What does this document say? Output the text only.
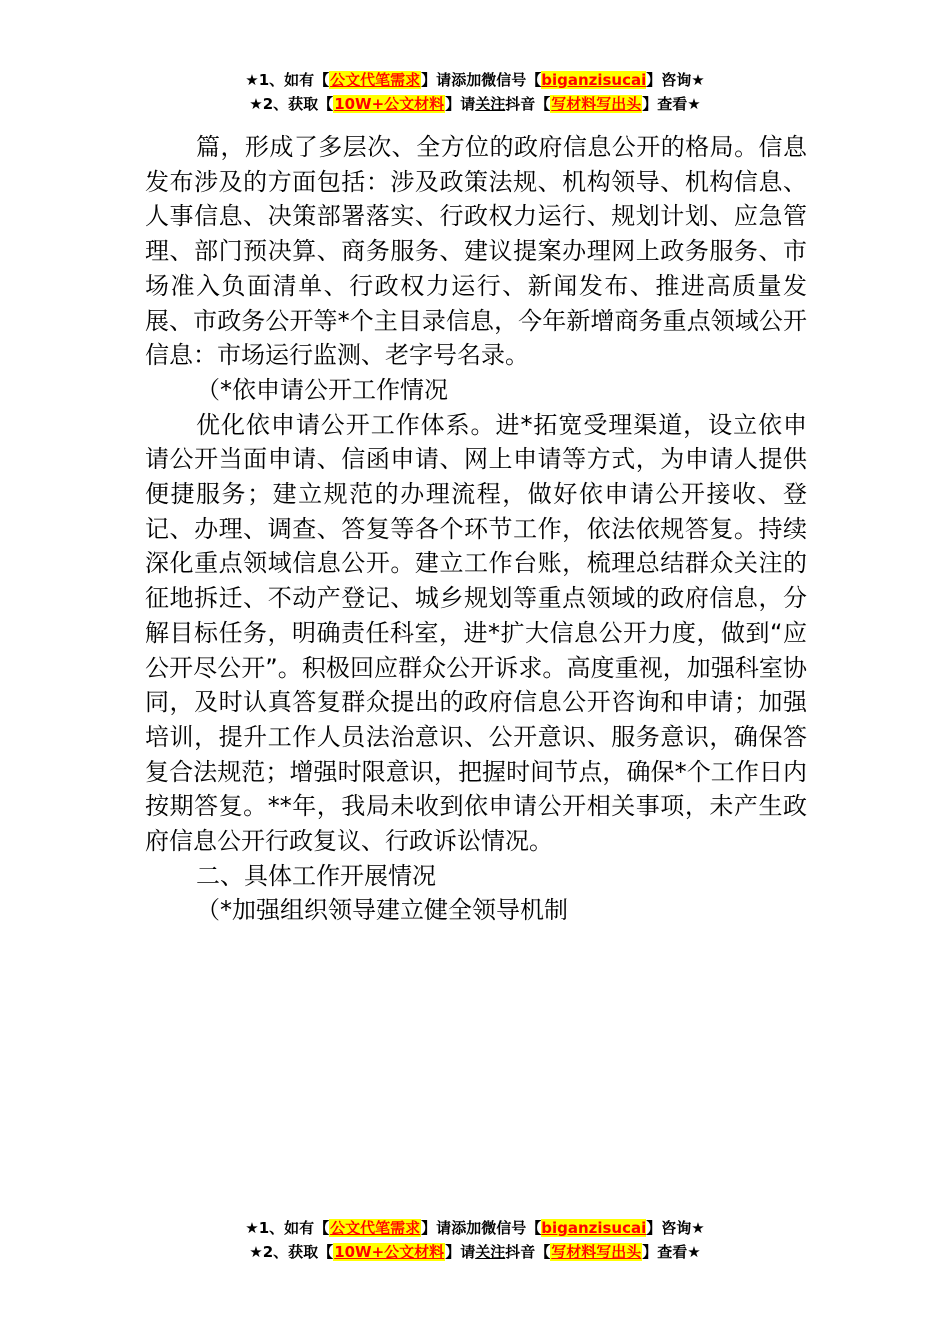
★1、如有【公文代笔需求】请添加微信号【biganzisucai】咨询★
★2、获取【10W+公文材料】请关注抖音【写材料写出头】查看★

篇，形成了多层次、全方位的政府信息公开的格局。信息发布涉及的方面包括：涉及政策法规、机构领导、机构信息、人事信息、决策部署落实、行政权力运行、规划计划、应急管理、部门预决算、商务服务、建议提案办理网上政务服务、市场准入负面清单、行政权力运行、新闻发布、推进高质量发展、市政务公开等*个主目录信息，今年新增商务重点领域公开信息：市场运行监测、老字号名录。

（*依申请公开工作情况

优化依申请公开工作体系。进*拓宽受理渠道，设立依申请公开当面申请、信函申请、网上申请等方式，为申请人提供便捷服务；建立规范的办理流程，做好依申请公开接收、登记、办理、调查、答复等各个环节工作，依法依规答复。持续深化重点领域信息公开。建立工作台账，梳理总结群众关注的征地拆迁、不动产登记、城乡规划等重点领域的政府信息，分解目标任务，明确责任科室，进*扩大信息公开力度，做到“应公开尽公开”。积极回应群众公开诉求。高度重视，加强科室协同，及时认真答复群众提出的政府信息公开咨询和申请；加强培训，提升工作人员法治意识、公开意识、服务意识，确保答复合法规范；增强时限意识，把握时间节点，确保*个工作日内按期答复。**年，我局未收到依申请公开相关事项，未产生政府信息公开行政复议、行政诉讼情况。

二、具体工作开展情况

（*加强组织领导建立健全领导机制

★1、如有【公文代笔需求】请添加微信号【biganzisucai】咨询★
★2、获取【10W+公文材料】请关注抖音【写材料写出头】查看★
